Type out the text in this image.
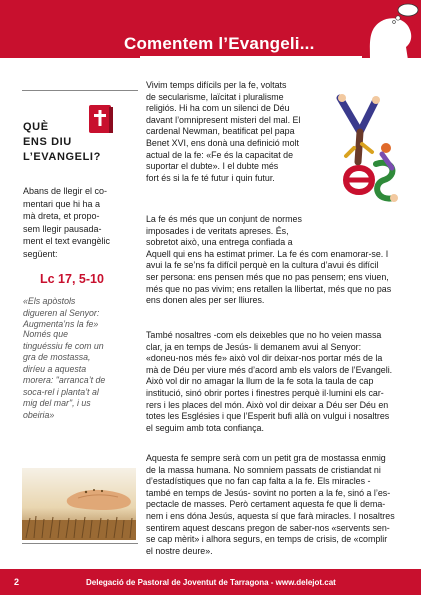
Comentem l’Evangeli...
QUÈ
ENS DIU
L’EVANGELI?
Abans de llegir el co-
mentari que hi ha a
mà dreta, et propo-
sem llegir pausada-
ment el text evangèlic
següent:
Lc 17, 5-10
«Els apòstols
digueren al Senyor:
Augmenta’ns la fe»
Només que
tinguéssiu fe com un
gra de mostassa,
diríeu a aquesta
morera: "arranca’t de
soca-rel i planta’t al
mig del mar", i us
obeiria»
Vivim temps difícils per la fe, voltats
de secularisme, laïcitat i pluralisme
religiós. Hi ha com un silenci de Déu
davant l’omnipresent misteri del mal. El
cardenal Newman, beatificat pel papa
Benet XVI, ens donà una definició molt
actual de la fe: «Fe és la capacitat de
suportar el dubte». I el dubte més
fort és si la fe té futur i quin futur.
La fe és més que un conjunt de normes
imposades i de veritats apreses. És,
sobretot això, una entrega confiada a
Aquell qui ens ha estimat primer. La fe és com enamorar-se. I
avui la fe se’ns fa difícil perquè en la cultura d’avui és difícil
ser persona: ens pensen més que no pas pensem; ens viuen,
més que no pas vivim; ens retallen la llibertat, més que no pas
ens donen ales per ser lliures.
També nosaltres -com els deixebles que no ho veien massa
clar, ja en temps de Jesús- li demanem avui al Senyor:
«doneu-nos més fe» això vol dir deixar-nos portar més de la
mà de Déu per viure més d’acord amb els valors de l’Evangeli.
Això vol dir no amagar la llum de la fe sota la taula de cap
institució, sinó obrir portes i finestres perquè il·lumini els car-
rers i les places del món. Això vol dir deixar a Déu ser Déu en
totes les Esglésies i que l’Esperit bufi allà on vulgui i nosaltres
el seguim amb tota confiança.
Aquesta fe sempre serà com un petit gra de mostassa enmig
de la massa humana. No somniem passats de cristiandat ni
d’estadístiques que no fan cap falta a la fe. Els miracles -
també en temps de Jesús- sovint no porten a la fe, sinó a l’es-
pectacle de masses. Però certament aquesta fe que li dema-
nem i ens dóna Jesús, aquesta sí que farà miracles. I nosaltres
sentirem aquest descans pregon de saber-nos «servents sen-
se cap mèrit» i alhora segurs, en temps de crisis, de «complir
el nostre deure».
2	Delegació de Pastoral de Joventut de Tarragona - www.delejot.cat
